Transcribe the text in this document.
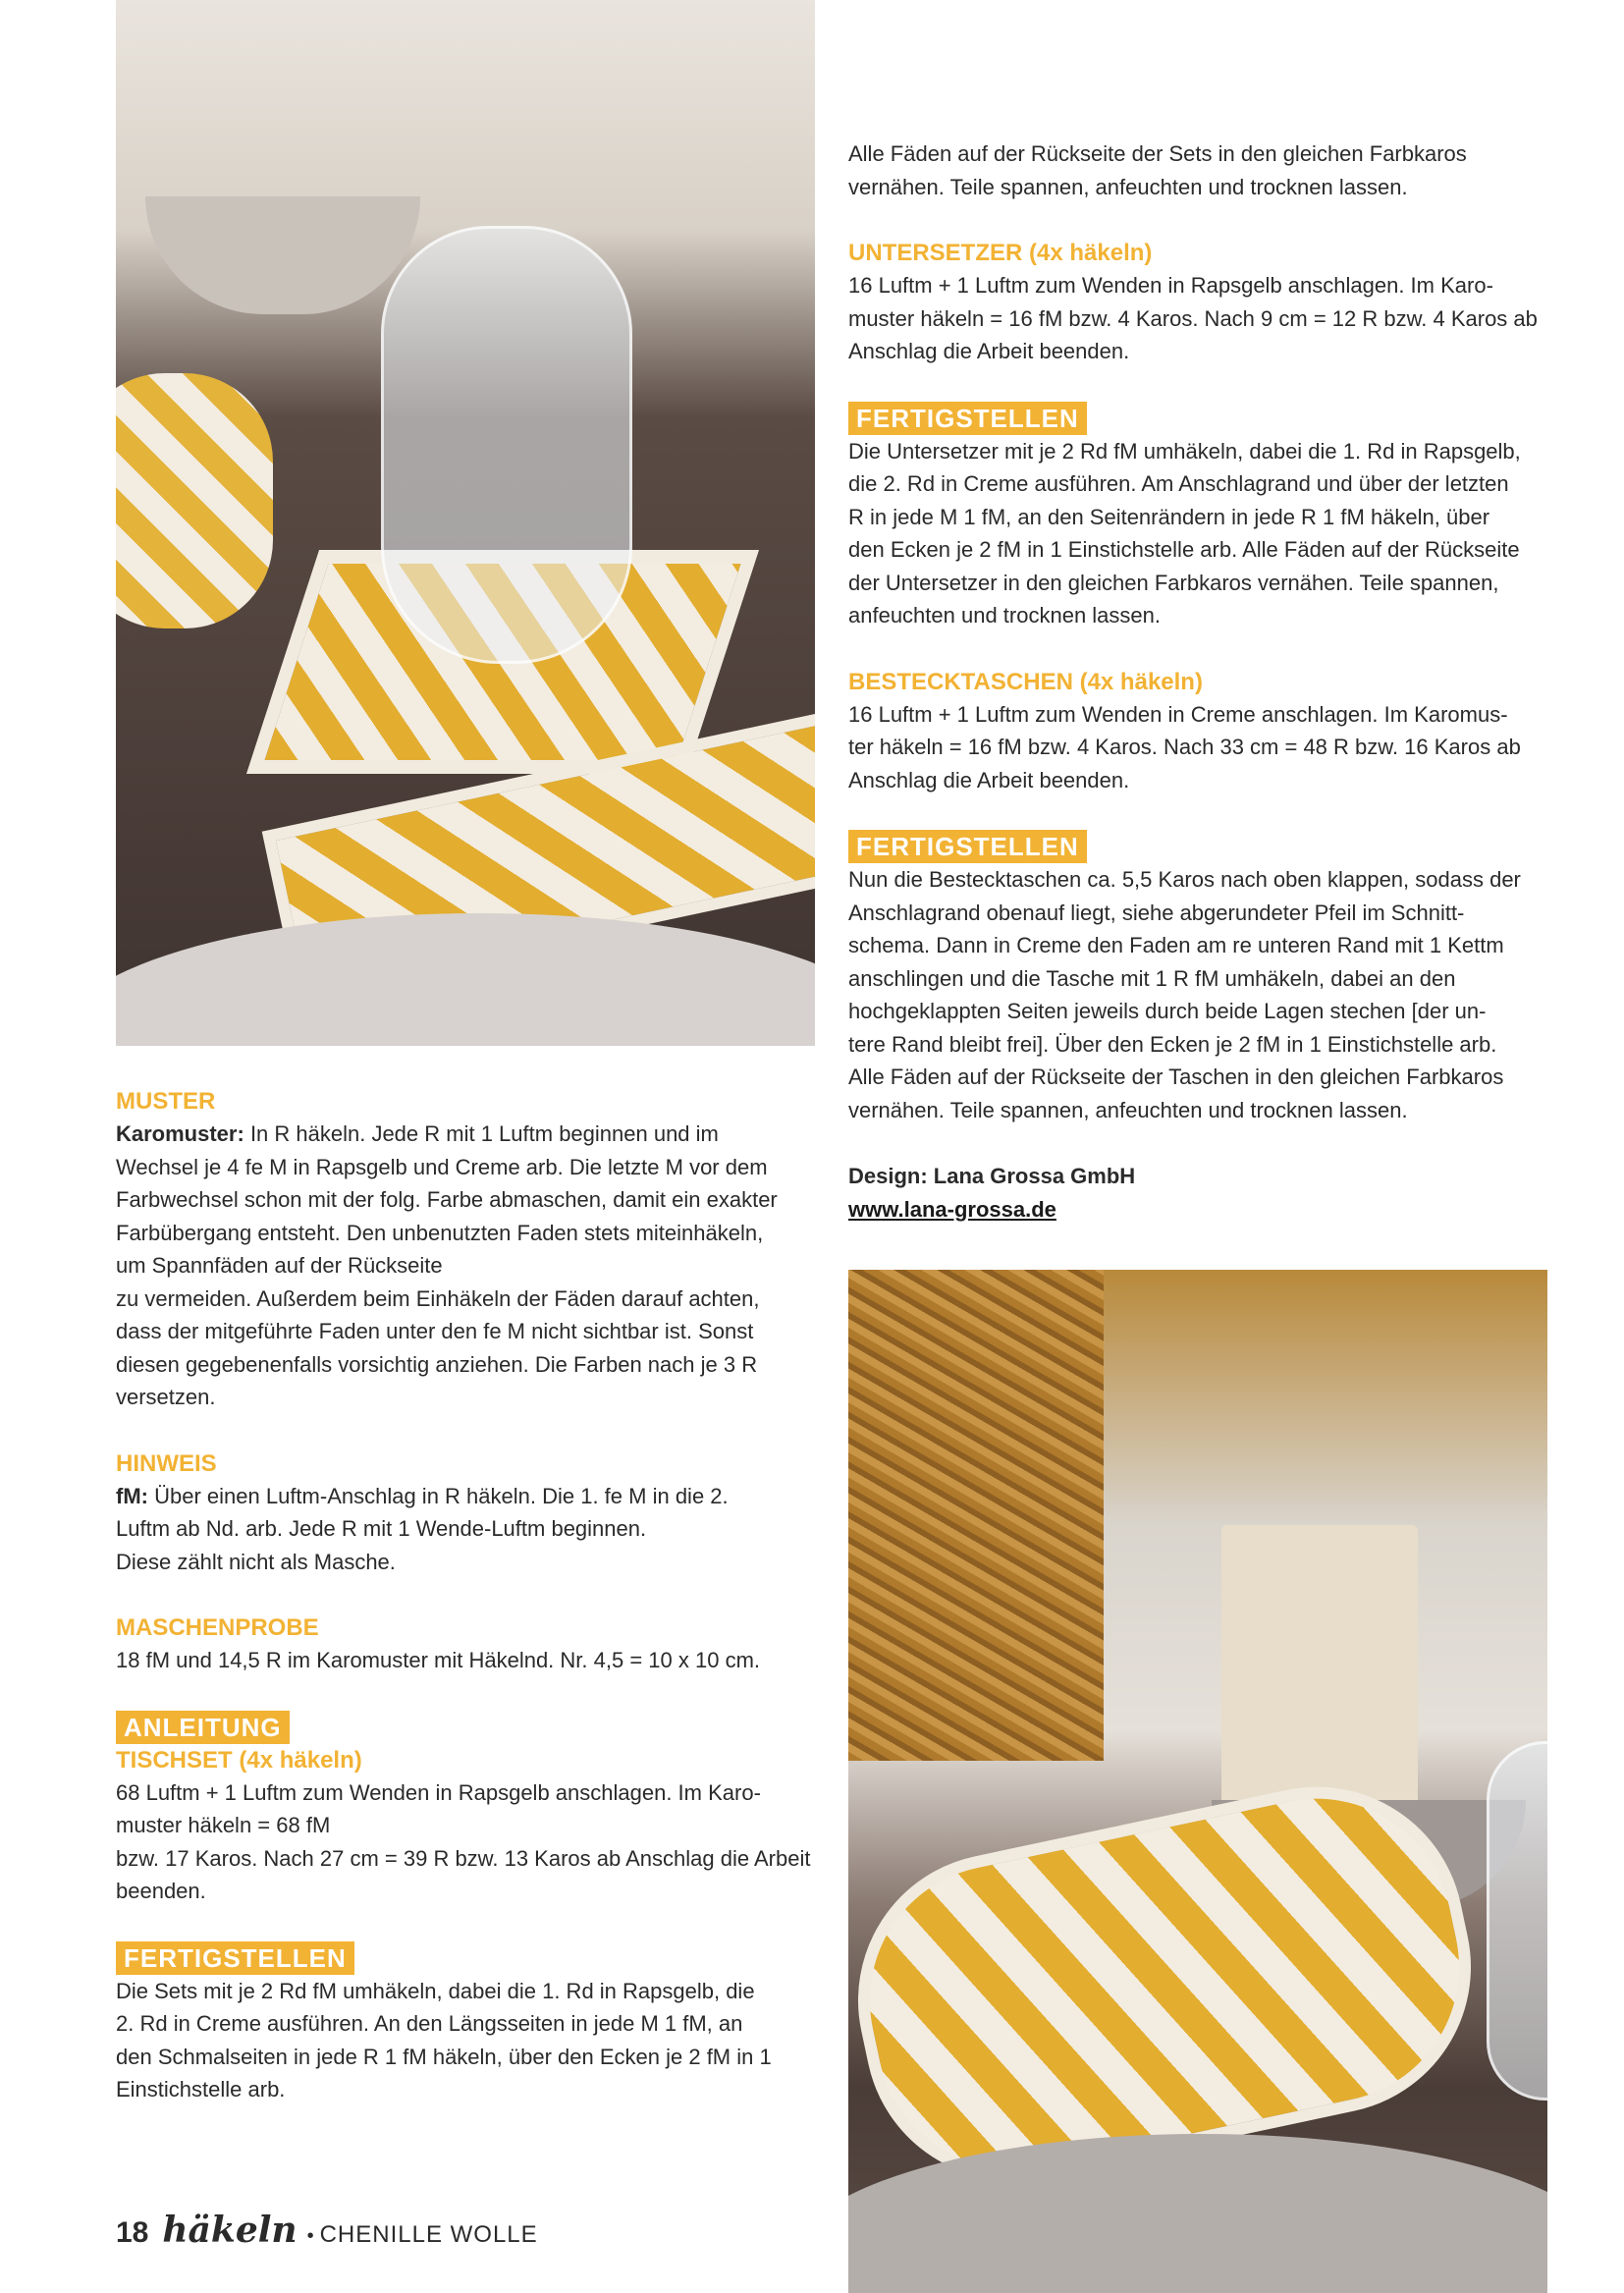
MUSTER

Karomuster: In R häkeln. Jede R mit 1 Luftm beginnen und im

Wechsel je 4 fe M in Rapsgelb und Creme arb. Die letzte M vor dem

Farbwechsel schon mit der folg. Farbe abmaschen, damit ein exakter

Farbübergang entsteht. Den unbenutzten Faden stets miteinhäkeln,

um Spannfäden auf der Rückseite

zu vermeiden. Außerdem beim Einhäkeln der Fäden darauf achten,

dass der mitgeführte Faden unter den fe M nicht sichtbar ist. Sonst

diesen gegebenenfalls vorsichtig anziehen. Die Farben nach je 3 R

versetzen.

HINWEIS

fM: Über einen Luftm-Anschlag in R häkeln. Die 1. fe M in die 2.

Luftm ab Nd. arb. Jede R mit 1 Wende-Luftm beginnen.

Diese zählt nicht als Masche.

MASCHENPROBE

18 fM und 14,5 R im Karomuster mit Häkelnd. Nr. 4,5 = 10 x 10 cm.

ANLEITUNG

TISCHSET (4x häkeln)

68 Luftm + 1 Luftm zum Wenden in Rapsgelb anschlagen. Im Karo-

muster häkeln = 68 fM

bzw. 17 Karos. Nach 27 cm = 39 R bzw. 13 Karos ab Anschlag die Arbeit

beenden.

FERTIGSTELLEN

Die Sets mit je 2 Rd fM umhäkeln, dabei die 1. Rd in Rapsgelb, die

2. Rd in Creme ausführen. An den Längsseiten in jede M 1 fM, an

den Schmalseiten in jede R 1 fM häkeln, über den Ecken je 2 fM in 1

Einstichstelle arb.

Alle Fäden auf der Rückseite der Sets in den gleichen Farbkaros

vernähen. Teile spannen, anfeuchten und trocknen lassen.

UNTERSETZER (4x häkeln)

16 Luftm + 1 Luftm zum Wenden in Rapsgelb anschlagen. Im Karo-

muster häkeln = 16 fM bzw. 4 Karos. Nach 9 cm = 12 R bzw. 4 Karos ab

Anschlag die Arbeit beenden.

FERTIGSTELLEN

Die Untersetzer mit je 2 Rd fM umhäkeln, dabei die 1. Rd in Rapsgelb,

die 2. Rd in Creme ausführen. Am Anschlagrand und über der letzten

R in jede M 1 fM, an den Seitenrändern in jede R 1 fM häkeln, über

den Ecken je 2 fM in 1 Einstichstelle arb. Alle Fäden auf der Rückseite

der Untersetzer in den gleichen Farbkaros vernähen. Teile spannen,

anfeuchten und trocknen lassen.

BESTECKTASCHEN (4x häkeln)

16 Luftm + 1 Luftm zum Wenden in Creme anschlagen. Im Karomus-

ter häkeln = 16 fM bzw. 4 Karos. Nach 33 cm = 48 R bzw. 16 Karos ab

Anschlag die Arbeit beenden.

FERTIGSTELLEN

Nun die Bestecktaschen ca. 5,5 Karos nach oben klappen, sodass der

Anschlagrand obenauf liegt, siehe abgerundeter Pfeil im Schnitt-

schema. Dann in Creme den Faden am re unteren Rand mit 1 Kettm

anschlingen und die Tasche mit 1 R fM umhäkeln, dabei an den

hochgeklappten Seiten jeweils durch beide Lagen stechen [der un-

tere Rand bleibt frei]. Über den Ecken je 2 fM in 1 Einstichstelle arb.

Alle Fäden auf der Rückseite der Taschen in den gleichen Farbkaros

vernähen. Teile spannen, anfeuchten und trocknen lassen.

Design: Lana Grossa GmbH

www.lana-grossa.de

18 häkeln • CHENILLE WOLLE
